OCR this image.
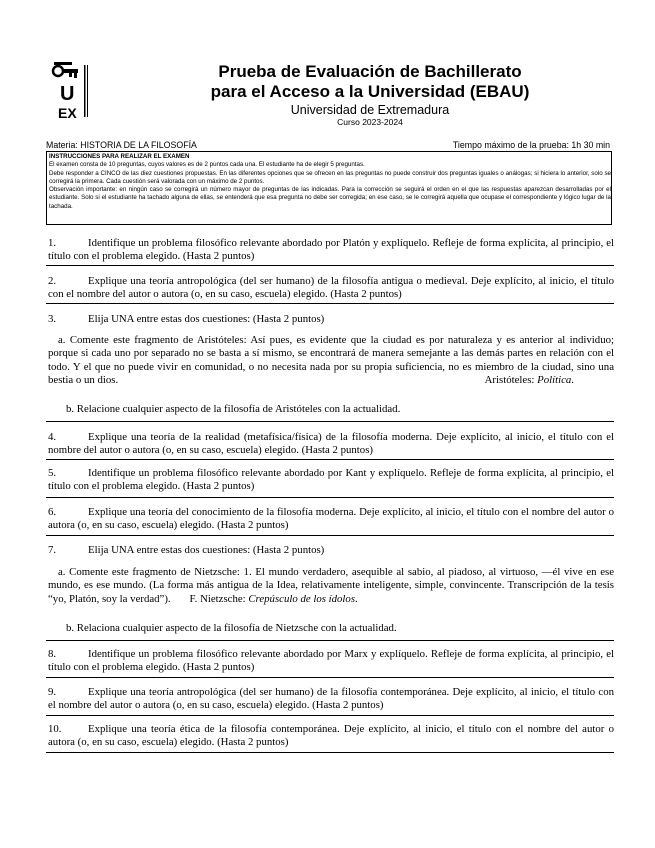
U
EX
Prueba de Evaluación de Bachillerato
para el Acceso a la Universidad (EBAU)
Universidad de Extremadura
Curso 2023-2024
Materia: HISTORIA DE LA FILOSOFÍA	Tiempo máximo de la prueba: 1h 30 min
INSTRUCCIONES PARA REALIZAR EL EXAMEN
El examen consta de 10 preguntas, cuyos valores es de 2 puntos cada una. El estudiante ha de elegir 5 preguntas.
Debe responder a CINCO de las diez cuestiones propuestas. En las diferentes opciones que se ofrecen en las preguntas no puede construir dos preguntas iguales o análogas; si hiciera lo anterior, solo se corregirá la primera. Cada cuestión será valorada con un máximo de 2 puntos.
Observación importante: en ningún caso se corregirá un número mayor de preguntas de las indicadas. Para la corrección se seguirá el orden en el que las respuestas aparezcan desarrolladas por el estudiante. Solo si el estudiante ha tachado alguna de ellas, se entenderá que esa pregunta no debe ser corregida; en ese caso, se le corregirá aquella que ocupase el correspondiente y lógico lugar de la tachada.
1.	Identifique un problema filosófico relevante abordado por Platón y explíquelo. Refleje de forma explícita, al principio, el título con el problema elegido. (Hasta 2 puntos)

2.	Explique una teoría antropológica (del ser humano) de la filosofía antigua o medieval. Deje explícito, al inicio, el título con el nombre del autor o autora (o, en su caso, escuela) elegido. (Hasta 2 puntos)

3.	Elija UNA entre estas dos cuestiones: (Hasta 2 puntos)

a. Comente este fragmento de Aristóteles: Así pues, es evidente que la ciudad es por naturaleza y es anterior al individuo; porque si cada uno por separado no se basta a sí mismo, se encontrará de manera semejante a las demás partes en relación con el todo. Y el que no puede vivir en comunidad, o no necesita nada por su propia suficiencia, no es miembro de la ciudad, sino una bestia o un dios.	Aristóteles: Política.

b. Relacione cualquier aspecto de la filosofía de Aristóteles con la actualidad.

4.	Explique una teoría de la realidad (metafísica/física) de la filosofía moderna. Deje explícito, al inicio, el título con el nombre del autor o autora (o, en su caso, escuela) elegido. (Hasta 2 puntos)

5.	Identifique un problema filosófico relevante abordado por Kant y explíquelo. Refleje de forma explícita, al principio, el título con el problema elegido. (Hasta 2 puntos)

6.	Explique una teoría del conocimiento de la filosofía moderna. Deje explícito, al inicio, el título con el nombre del autor o autora (o, en su caso, escuela) elegido. (Hasta 2 puntos)

7.	Elija UNA entre estas dos cuestiones: (Hasta 2 puntos)

a. Comente este fragmento de Nietzsche: 1. El mundo verdadero, asequible al sabio, al piadoso, al virtuoso, —él vive en ese mundo, es ese mundo. (La forma más antigua de la Idea, relativamente inteligente, simple, convincente. Transcripción de la tesis “yo, Platón, soy la verdad”). F. Nietzsche: Crepúsculo de los ídolos.

b. Relaciona cualquier aspecto de la filosofía de Nietzsche con la actualidad.

8.	Identifique un problema filosófico relevante abordado por Marx y explíquelo. Refleje de forma explícita, al principio, el título con el problema elegido. (Hasta 2 puntos)

9.	Explique una teoría antropológica (del ser humano) de la filosofía contemporánea. Deje explícito, al inicio, el título con el nombre del autor o autora (o, en su caso, escuela) elegido. (Hasta 2 puntos)

10.	Explique una teoría ética de la filosofía contemporánea. Deje explícito, al inicio, el título con el nombre del autor o autora (o, en su caso, escuela) elegido. (Hasta 2 puntos)
